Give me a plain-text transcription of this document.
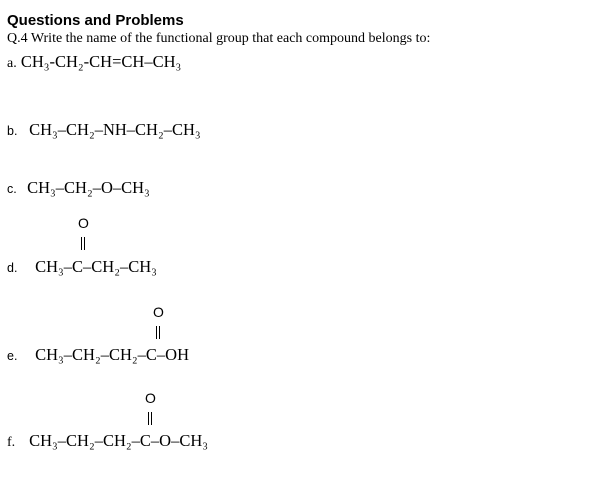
Questions and Problems
Q.4 Write the name of the functional group that each compound belongs to:
a. CH₃-CH₂-CH=CH–CH₃
b. CH₃–CH₂–NH–CH₂–CH₃
c. CH₃–CH₂–O–CH₃
O
d. CH₃–C–CH₂–CH₃
O
e. CH₃–CH₂–CH₂–C–OH
O
f. CH₃–CH₂–CH₂–C–O–CH₃
